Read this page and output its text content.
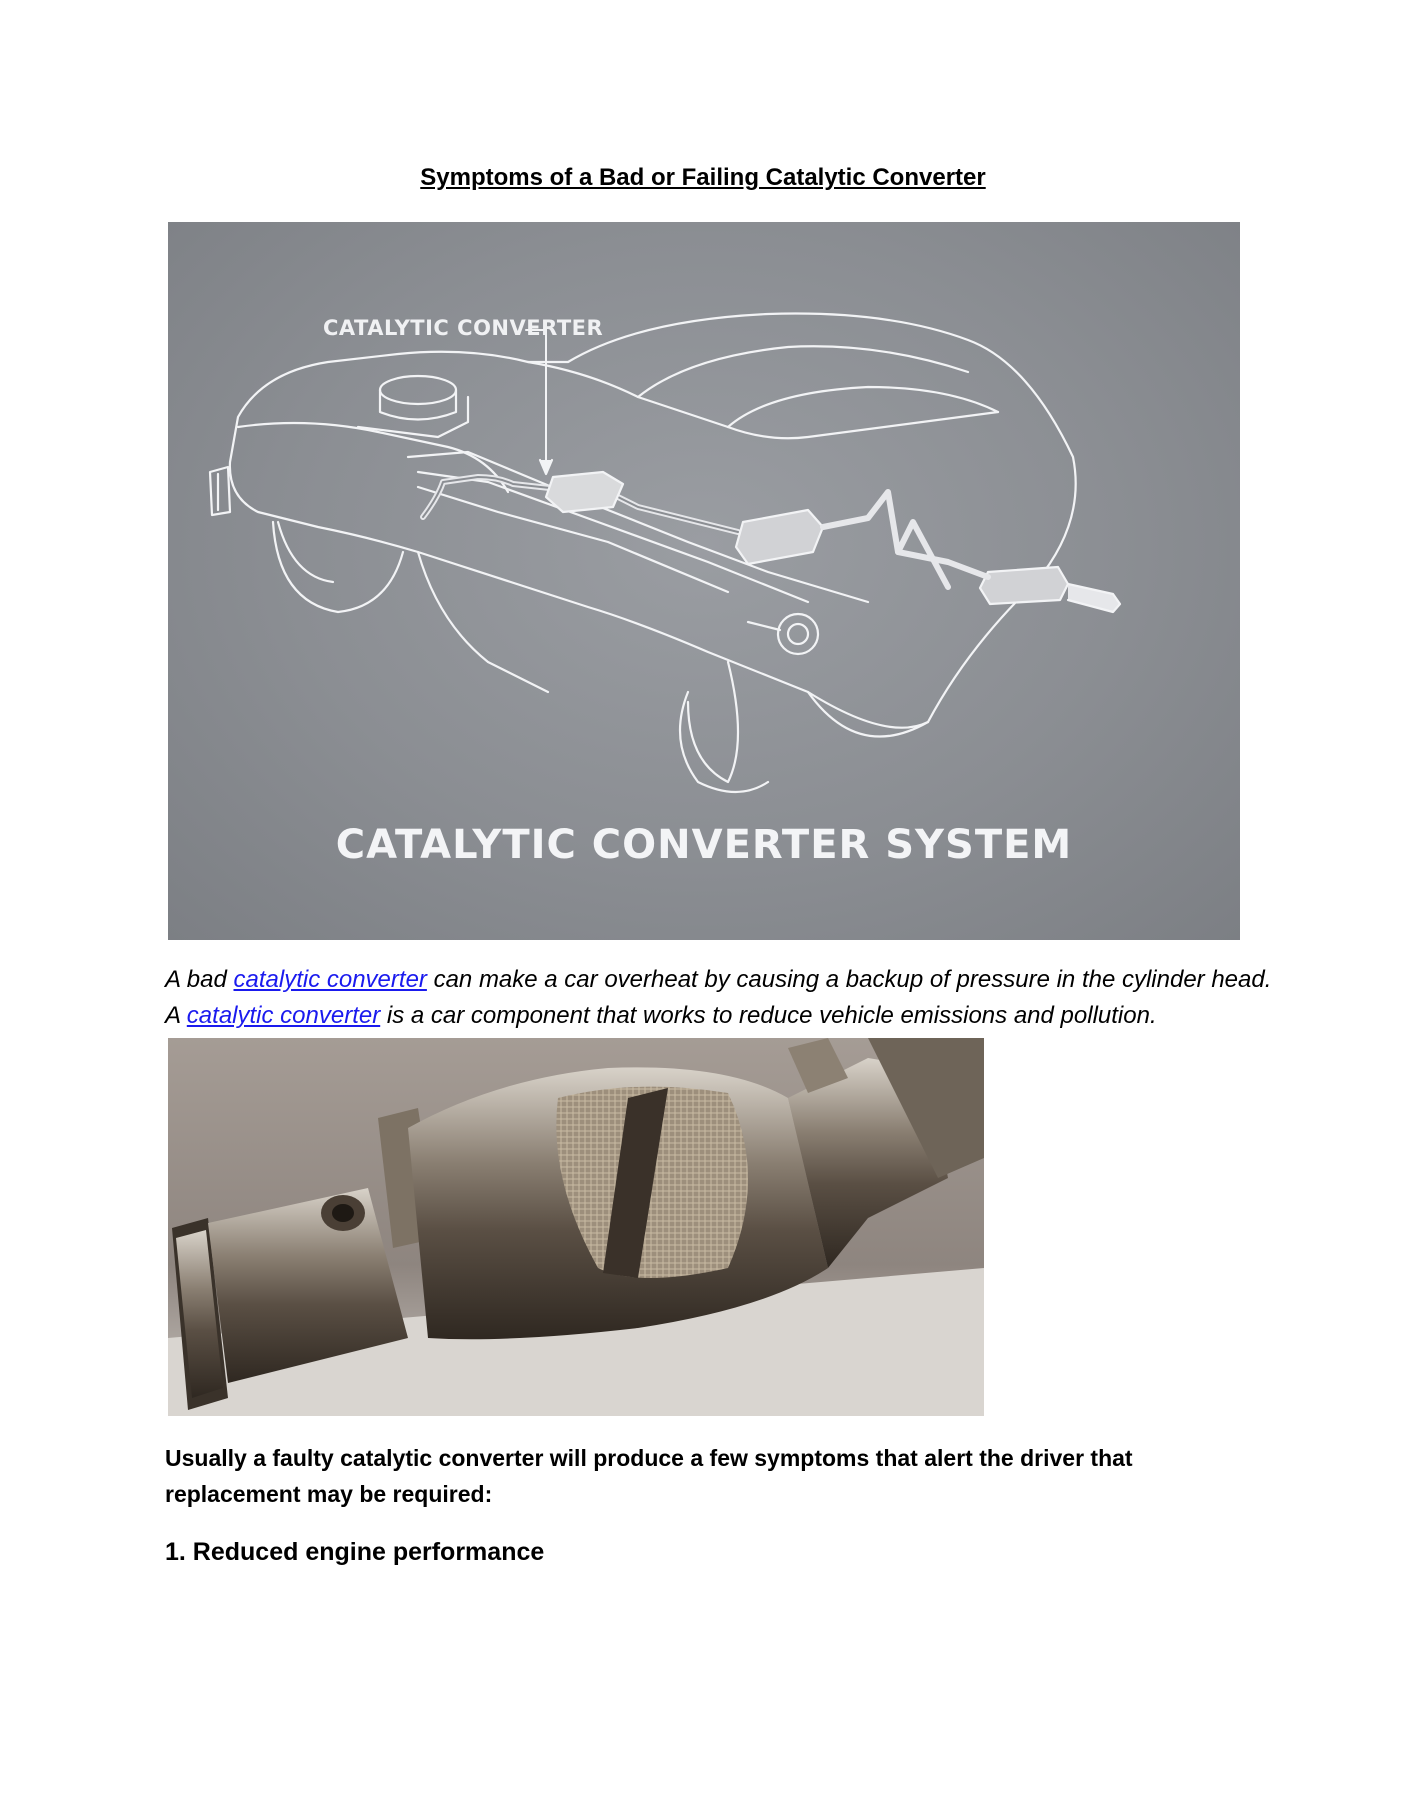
Symptoms of a Bad or Failing Catalytic Converter
CATALYTIC CONVERTER
CATALYTIC CONVERTER SYSTEM

A bad catalytic converter can make a car overheat by causing a backup of pressure in the cylinder head.
A catalytic converter is a car component that works to reduce vehicle emissions and pollution.

Usually a faulty catalytic converter will produce a few symptoms that alert the driver that replacement may be required:

1. Reduced engine performance
